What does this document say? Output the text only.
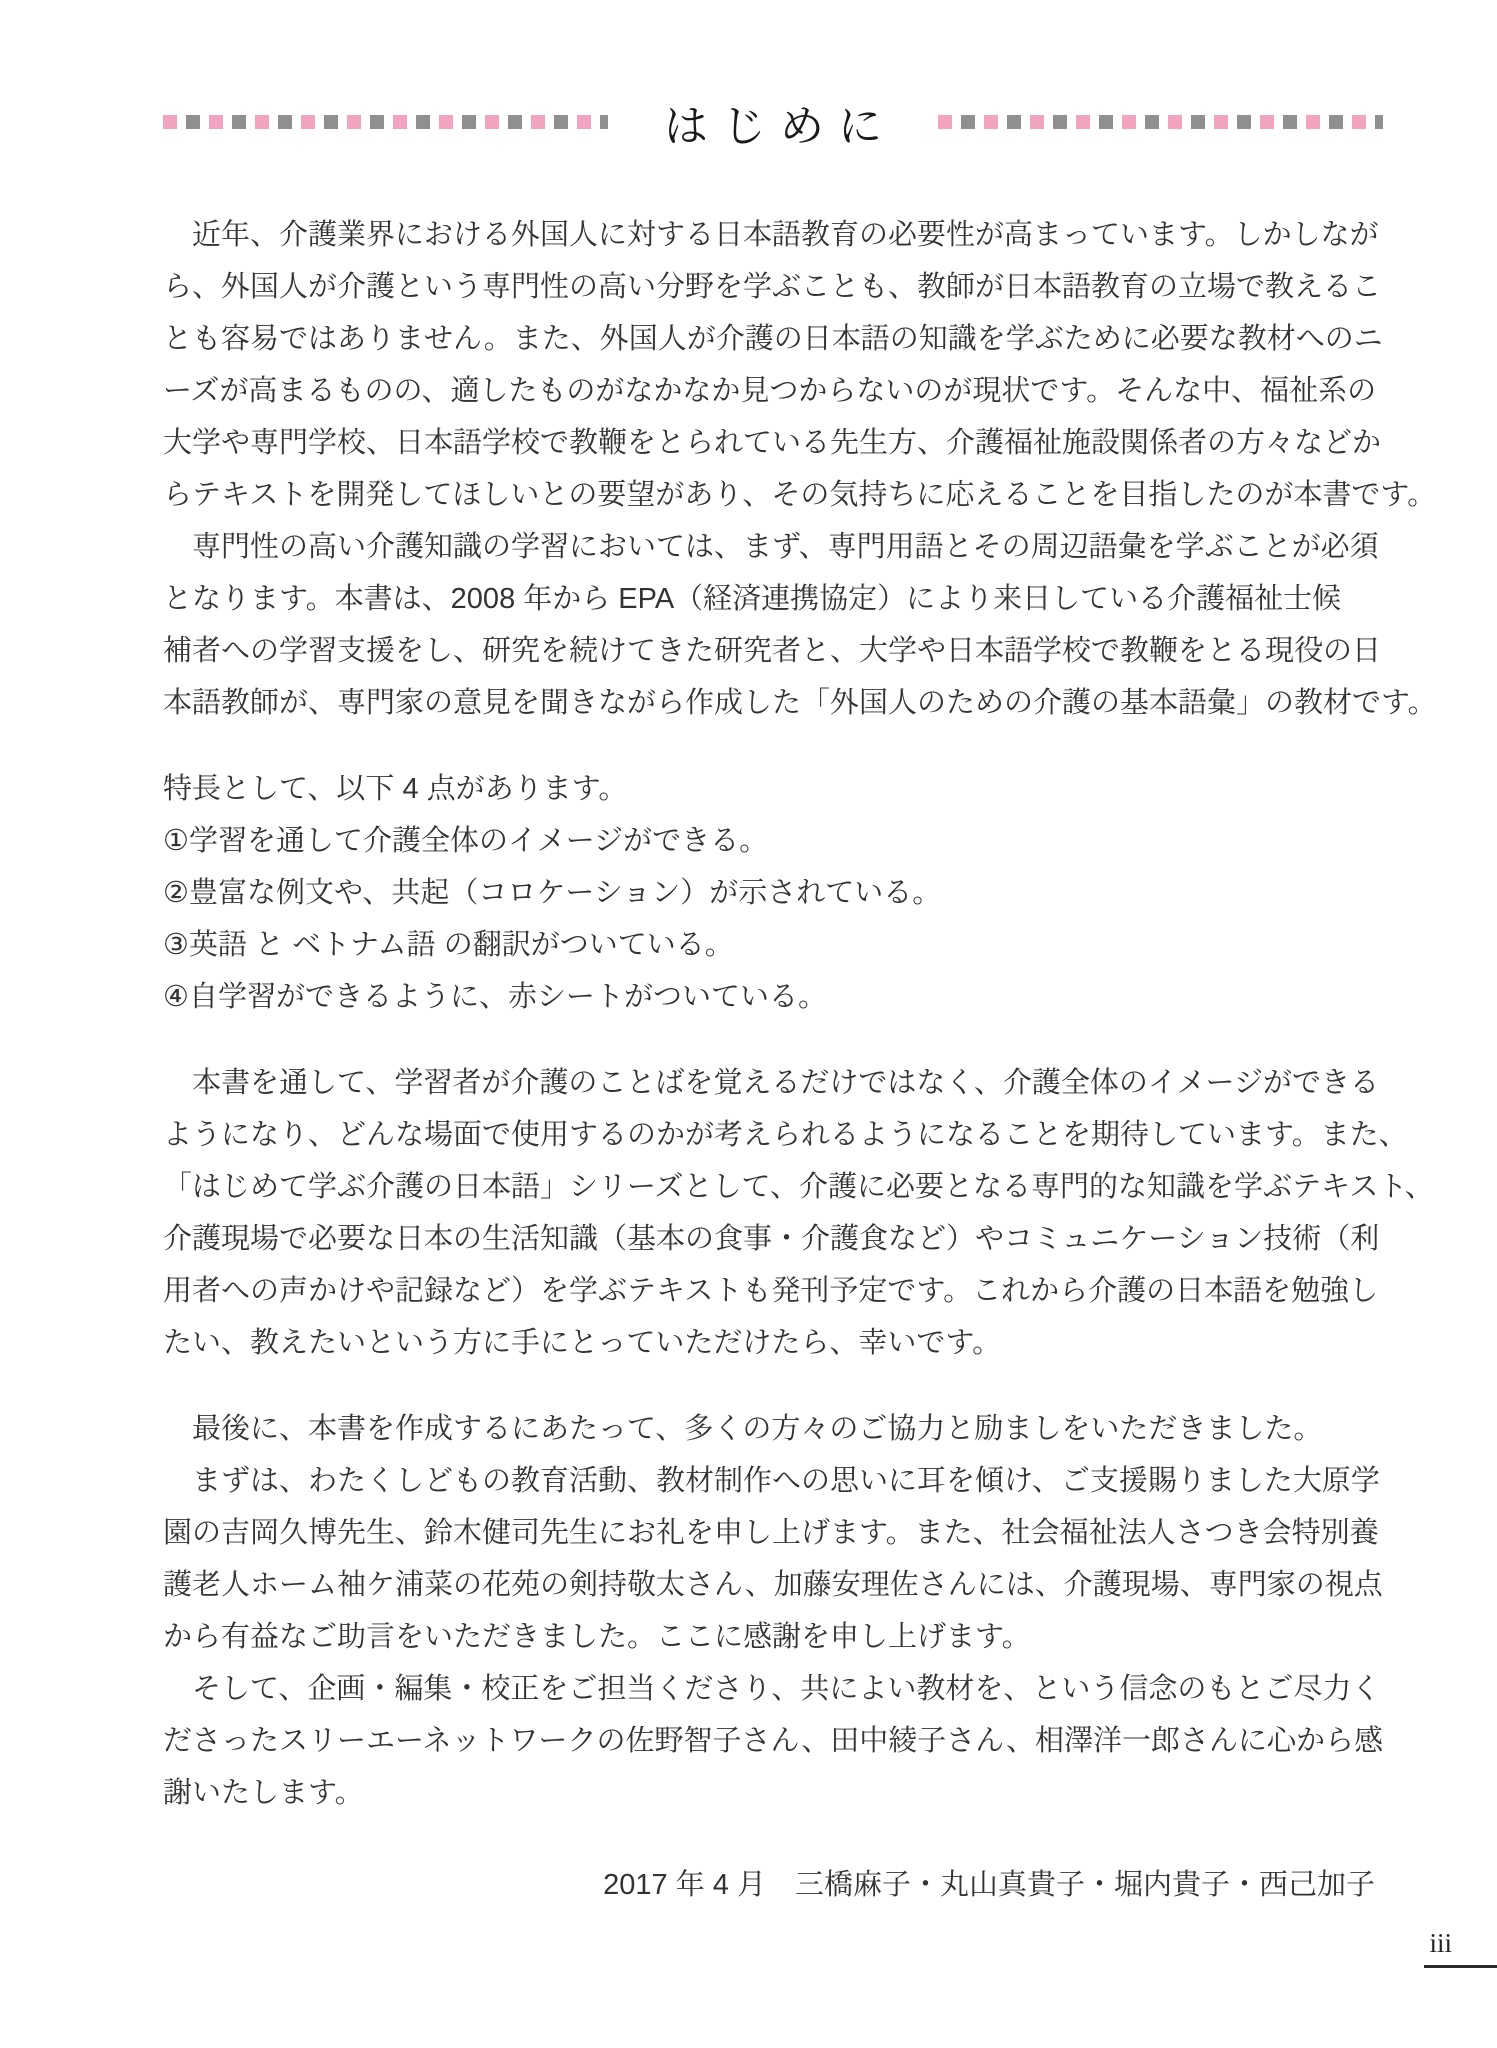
はじめに
近年、介護業界における外国人に対する日本語教育の必要性が高まっています。しかしなが
ら、外国人が介護という専門性の高い分野を学ぶことも、教師が日本語教育の立場で教えるこ
とも容易ではありません。また、外国人が介護の日本語の知識を学ぶために必要な教材へのニ
ーズが高まるものの、適したものがなかなか見つからないのが現状です。そんな中、福祉系の
大学や専門学校、日本語学校で教鞭をとられている先生方、介護福祉施設関係者の方々などか
らテキストを開発してほしいとの要望があり、その気持ちに応えることを目指したのが本書です。
専門性の高い介護知識の学習においては、まず、専門用語とその周辺語彙を学ぶことが必須
となります。本書は、2008 年から EPA（経済連携協定）により来日している介護福祉士候
補者への学習支援をし、研究を続けてきた研究者と、大学や日本語学校で教鞭をとる現役の日
本語教師が、専門家の意見を聞きながら作成した「外国人のための介護の基本語彙」の教材です。
特長として、以下 4 点があります。
①学習を通して介護全体のイメージができる。
②豊富な例文や、共起（コロケーション）が示されている。
③英語 と ベトナム語 の翻訳がついている。
④自学習ができるように、赤シートがついている。
本書を通して、学習者が介護のことばを覚えるだけではなく、介護全体のイメージができる
ようになり、どんな場面で使用するのかが考えられるようになることを期待しています。また、
「はじめて学ぶ介護の日本語」シリーズとして、介護に必要となる専門的な知識を学ぶテキスト、
介護現場で必要な日本の生活知識（基本の食事・介護食など）やコミュニケーション技術（利
用者への声かけや記録など）を学ぶテキストも発刊予定です。これから介護の日本語を勉強し
たい、教えたいという方に手にとっていただけたら、幸いです。
最後に、本書を作成するにあたって、多くの方々のご協力と励ましをいただきました。
まずは、わたくしどもの教育活動、教材制作への思いに耳を傾け、ご支援賜りました大原学
園の吉岡久博先生、鈴木健司先生にお礼を申し上げます。また、社会福祉法人さつき会特別養
護老人ホーム袖ケ浦菜の花苑の剣持敬太さん、加藤安理佐さんには、介護現場、専門家の視点
から有益なご助言をいただきました。ここに感謝を申し上げます。
そして、企画・編集・校正をご担当くださり、共によい教材を、という信念のもとご尽力く
ださったスリーエーネットワークの佐野智子さん、田中綾子さん、相澤洋一郎さんに心から感
謝いたします。
2017 年 4 月　三橋麻子・丸山真貴子・堀内貴子・西己加子
iii
